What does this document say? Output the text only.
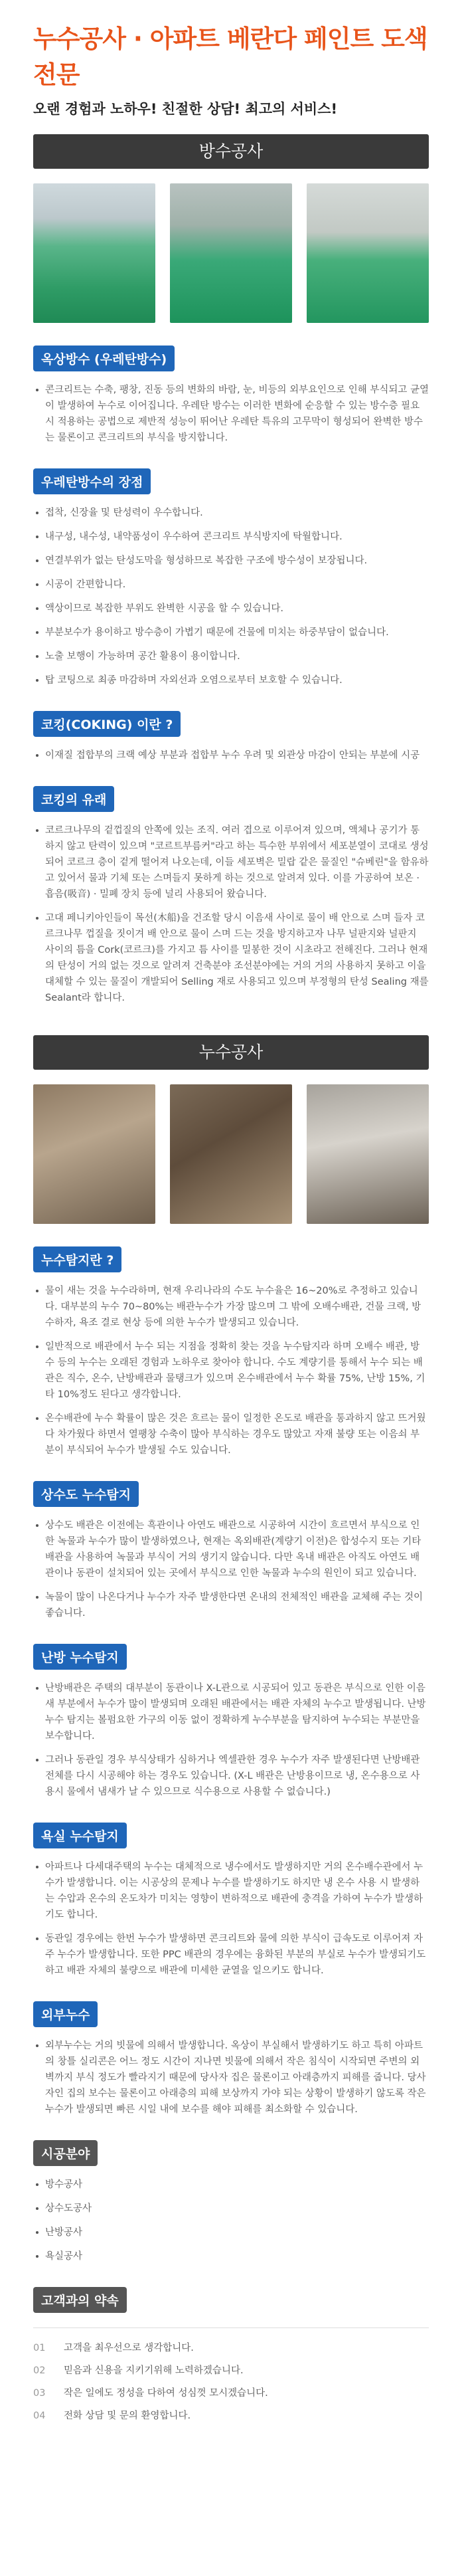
누수공사 · 아파트 베란다 페인트 도색전문

오랜 경험과 노하우! 친절한 상담! 최고의 서비스!

방수공사
옥상방수 (우레탄방수)
콘크리트는 수축, 팽창, 진동 등의 변화의 바람, 눈, 비등의 외부요인으로 인해 부식되고 균열이 발생하여 누수로 이어집니다. 우레탄 방수는 이러한 변화에 순응할 수 있는 방수층 필요시 적용하는 공법으로 제반적 성능이 뛰어난 우레탄 특유의 고무막이 형성되어 완벽한 방수는 물론이고 콘크리트의 부식을 방지합니다.
우레탄방수의 장점
접착, 신장율 및 탄성력이 우수합니다.
내구성, 내수성, 내약품성이 우수하여 콘크리트 부식방지에 탁월합니다.
연결부위가 없는 탄성도막을 형성하므로 복잡한 구조에 방수성이 보장됩니다.
시공이 간편합니다.
액상이므로 복잡한 부위도 완벽한 시공을 할 수 있습니다.
부분보수가 용이하고 방수층이 가볍기 때문에 건물에 미치는 하중부담이 없습니다.
노출 보행이 가능하며 공간 활용이 용이합니다.
탑 코팅으로 최종 마감하며 자외선과 오염으로부터 보호할 수 있습니다.
코킹(COKING) 이란 ?
이재질 접합부의 크랙 예상 부분과 접합부 누수 우려 및 외관상 마감이 안되는 부분에 시공
코킹의 유래
코르크나무의 겉껍질의 안쪽에 있는 조직. 여러 겹으로 이루어져 있으며, 액체나 공기가 통하지 않고 탄력이 있으며 "코르트부름커"라고 하는 특수한 부위에서 세포분열이 코대로 생성되어 코르크 층이 겉게 떨어져 나오는데, 이들 세포벽은 밀랍 같은 물질인 "슈베린"을 함유하고 있어서 물과 기체 또는 스며들지 못하게 하는 것으로 알려져 있다. 이를 가공하여 보온 · 흡음(吸音) · 밀폐 장치 등에 널리 사용되어 왔습니다.
고대 페니키아인들이 목선(木船)을 건조할 당시 이음새 사이로 물이 배 안으로 스며 들자 코르크나무 껍질을 짓이겨 배 안으로 물이 스며 드는 것을 방지하고자 나무 널판지와 널판지 사이의 틈을 Cork(코르크)를 가지고 틈 사이를 밀봉한 것이 시초라고 전해진다. 그러나 현재의 탄성이 거의 없는 것으로 알려져 건축분야 조선분야에는 거의 거의 사용하지 못하고 이을 대체할 수 있는 물질이 개발되어 Selling 재로 사용되고 있으며 부정형의 탄성 Sealing 재를 Sealant라 합니다.
누수공사
누수탐지란 ?
물이 새는 것을 누수라하며, 현재 우리나라의 수도 누수율은 16~20%로 추정하고 있습니다. 대부분의 누수 70~80%는 배관누수가 가장 많으며 그 밖에 오배수배관, 건물 크랙, 방수하자, 욕조 결로 현상 등에 의한 누수가 발생되고 있습니다.
일반적으로 배관에서 누수 되는 지점을 정확히 찾는 것을 누수탐지라 하며 오배수 배관, 방수 등의 누수는 오래된 경험과 노하우로 찾아야 합니다. 수도 계량기를 통해서 누수 되는 배관은 직수, 온수, 난방배관과 물탱크가 있으며 온수배관에서 누수 확률 75%, 난방 15%, 기타 10%정도 된다고 생각합니다.
온수배관에 누수 확률이 많은 것은 흐르는 물이 일정한 온도로 배관을 통과하지 않고 뜨거웠다 차가웠다 하면서 열팽창 수축이 많아 부식하는 경우도 많았고 자재 불량 또는 이음쇠 부분이 부식되어 누수가 발생될 수도 있습니다.
상수도 누수탐지
상수도 배관은 이전에는 흑관이나 아연도 배관으로 시공하여 시간이 흐르면서 부식으로 인한 녹물과 누수가 많이 발생하였으나, 현재는 옥외배관(계량기 이전)은 합성수지 또는 기타배관을 사용하여 녹물과 부식이 거의 생기지 않습니다. 다만 옥내 배관은 아직도 아연도 배관이나 동관이 설치되어 있는 곳에서 부식으로 인한 녹물과 누수의 원인이 되고 있습니다.
녹물이 많이 나온다거나 누수가 자주 발생한다면 온내의 전체적인 배관을 교체해 주는 것이 좋습니다.
난방 누수탐지
난방배관은 주택의 대부분이 동관이나 X-L관으로 시공되어 있고 동관은 부식으로 인한 이음새 부분에서 누수가 많이 발생되며 오래된 배관에서는 배관 자체의 누수고 발생됩니다. 난방누수 탐지는 볼펌요한 가구의 이동 없이 정확하게 누수부분을 탐지하여 누수되는 부분만을 보수합니다.
그러나 동관일 경우 부식상태가 심하거나 엑셀관한 경우 누수가 자주 발생된다면 난방배관 전체를 다시 시공해야 하는 경우도 있습니다. (X-L 배관은 난방용이므로 냉, 온수용으로 사용시 물에서 냄새가 날 수 있으므로 식수용으로 사용할 수 없습니다.)
욕실 누수탐지
아파트나 다세대주택의 누수는 대체적으로 냉수에서도 발생하지만 거의 온수배수관에서 누수가 발생합니다. 이는 시공상의 문제나 누수를 발생하기도 하지만 냉 온수 사용 시 발생하는 수압과 온수의 온도차가 미치는 영향이 변하적으로 배관에 충격을 가하여 누수가 발생하기도 합니다.
동관일 경우에는 한번 누수가 발생하면 콘크리트와 물에 의한 부식이 급속도로 이루어져 자주 누수가 발생합니다. 또한 PPC 배관의 경우에는 융화된 부분의 부실로 누수가 발생되기도 하고 배관 자체의 불량으로 배관에 미세한 균열을 일으키도 합니다.
외부누수
외부누수는 거의 빗물에 의해서 발생합니다. 옥상이 부실해서 발생하기도 하고 특히 아파트의 창틀 실리콘은 어느 정도 시간이 지나면 빗물에 의해서 작은 침식이 시작되면 주변의 외벽까지 부식 정도가 빨라지기 때문에 당사자 집은 물론이고 아래층까지 피해를 줍니다. 당사자인 집의 보수는 물론이고 아래층의 피해 보상까지 가야 되는 상황이 발생하기 않도록 작은 누수가 발생되면 빠른 시일 내에 보수를 해야 피해를 최소화할 수 있습니다.
시공분야
방수공사
상수도공사
난방공사
욕실공사
고객과의 약속
01	고객을 최우선으로 생각합니다.
02	믿음과 신용을 지키기위해 노력하겠습니다.
03	작은 일에도 정성을 다하여 성심껏 모시겠습니다.
04	전화 상담 및 문의 환영합니다.
